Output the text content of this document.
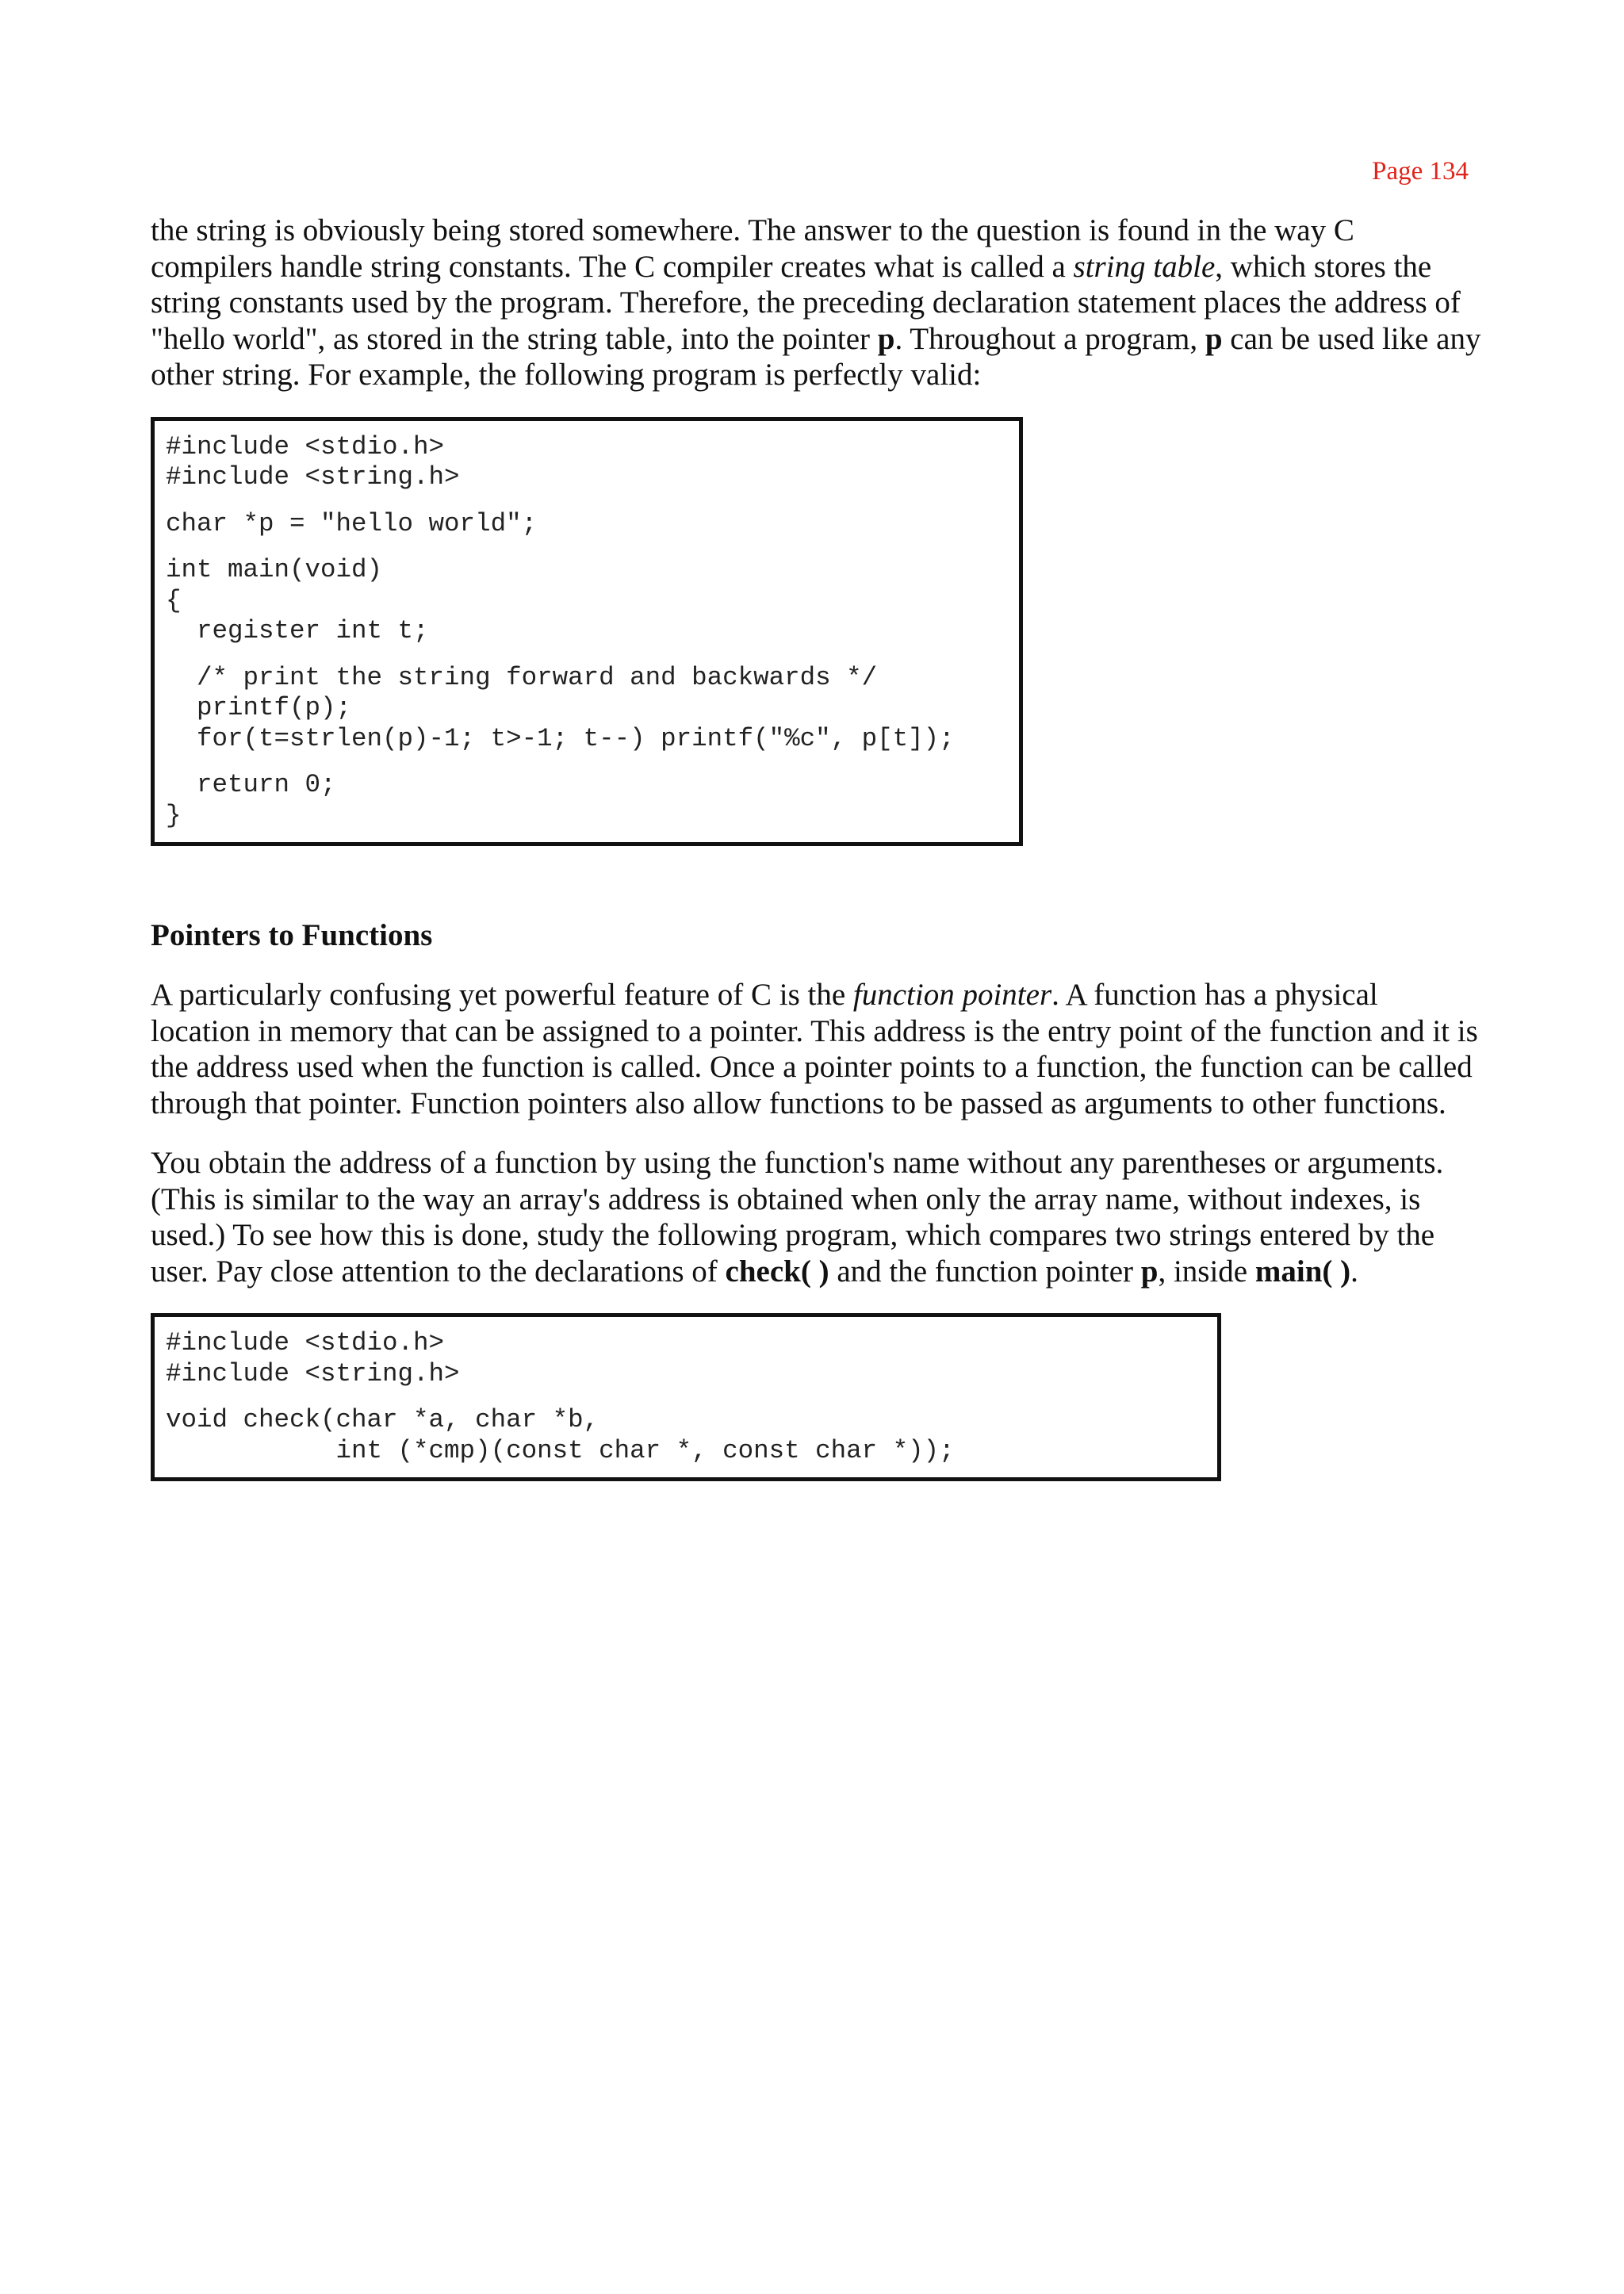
Page 134

the string is obviously being stored somewhere. The answer to the question is found in the way C compilers handle string constants. The C compiler creates what is called a string table, which stores the string constants used by the program. Therefore, the preceding declaration statement places the address of "hello world", as stored in the string table, into the pointer p. Throughout a program, p can be used like any other string. For example, the following program is perfectly valid:

#include <stdio.h>
#include <string.h>
char *p = "hello world";
int main(void)
{
register int t;
/* print the string forward and backwards */
printf(p);
for(t=strlen(p)-1; t>-1; t--) printf("%c", p[t]);
return 0;
}
Pointers to Functions

A particularly confusing yet powerful feature of C is the function pointer. A function has a physical location in memory that can be assigned to a pointer. This address is the entry point of the function and it is the address used when the function is called. Once a pointer points to a function, the function can be called through that pointer. Function pointers also allow functions to be passed as arguments to other functions.

You obtain the address of a function by using the function's name without any parentheses or arguments. (This is similar to the way an array's address is obtained when only the array name, without indexes, is used.) To see how this is done, study the following program, which compares two strings entered by the user. Pay close attention to the declarations of check( ) and the function pointer p, inside main( ).

#include <stdio.h>
#include <string.h>
void check(char *a, char *b,
int (*cmp)(const char *, const char *));
